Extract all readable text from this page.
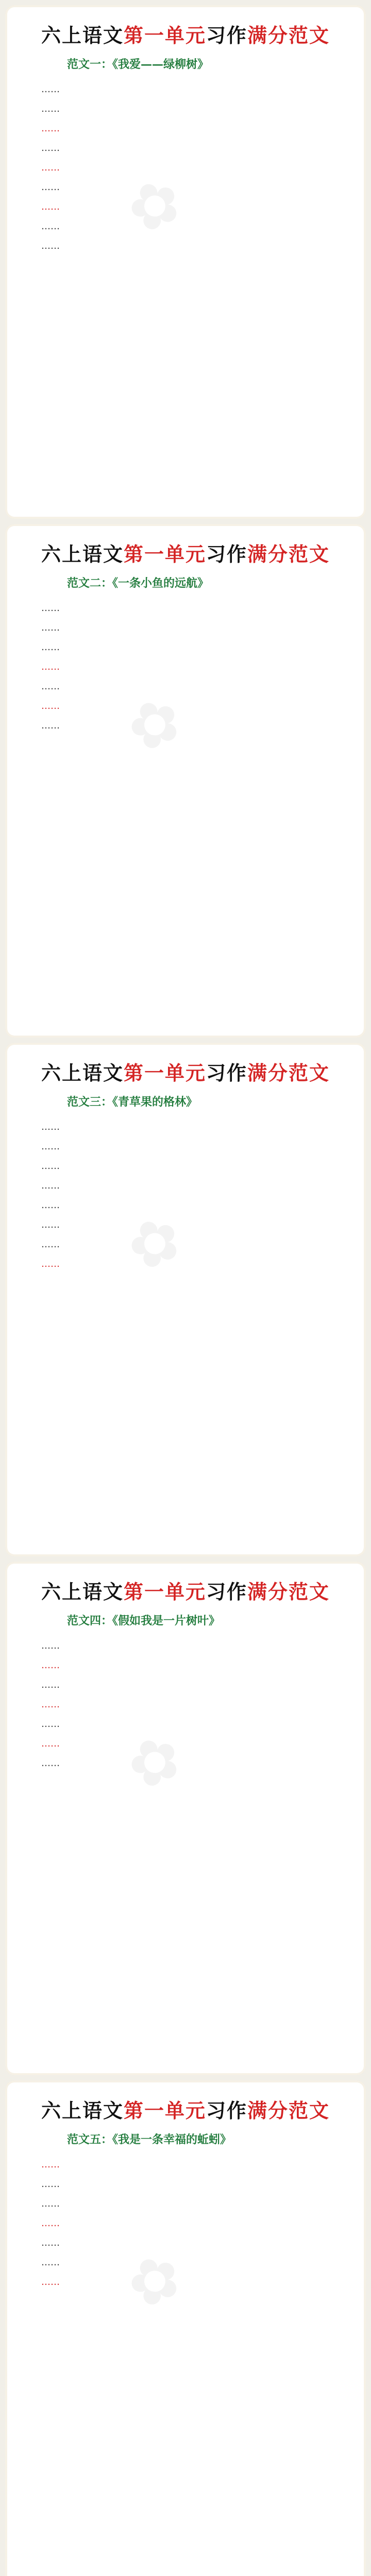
六上语文第一单元习作满分范文
范文一：《我爱——绿柳树》

……

……

……

……

……

……

……

……

…… ✿
六上语文第一单元习作满分范文
范文二：《一条小鱼的远航》

……

……

……

……

……

……

…… ✿
六上语文第一单元习作满分范文
范文三：《青草果的格林》

……

……

……

……

……

……

……

…… ✿
六上语文第一单元习作满分范文
范文四：《假如我是一片树叶》

……

……

……

……

……

……

…… ✿
六上语文第一单元习作满分范文
范文五：《我是一条幸福的蚯蚓》

……

……

……

……

……

……

…… ✿
